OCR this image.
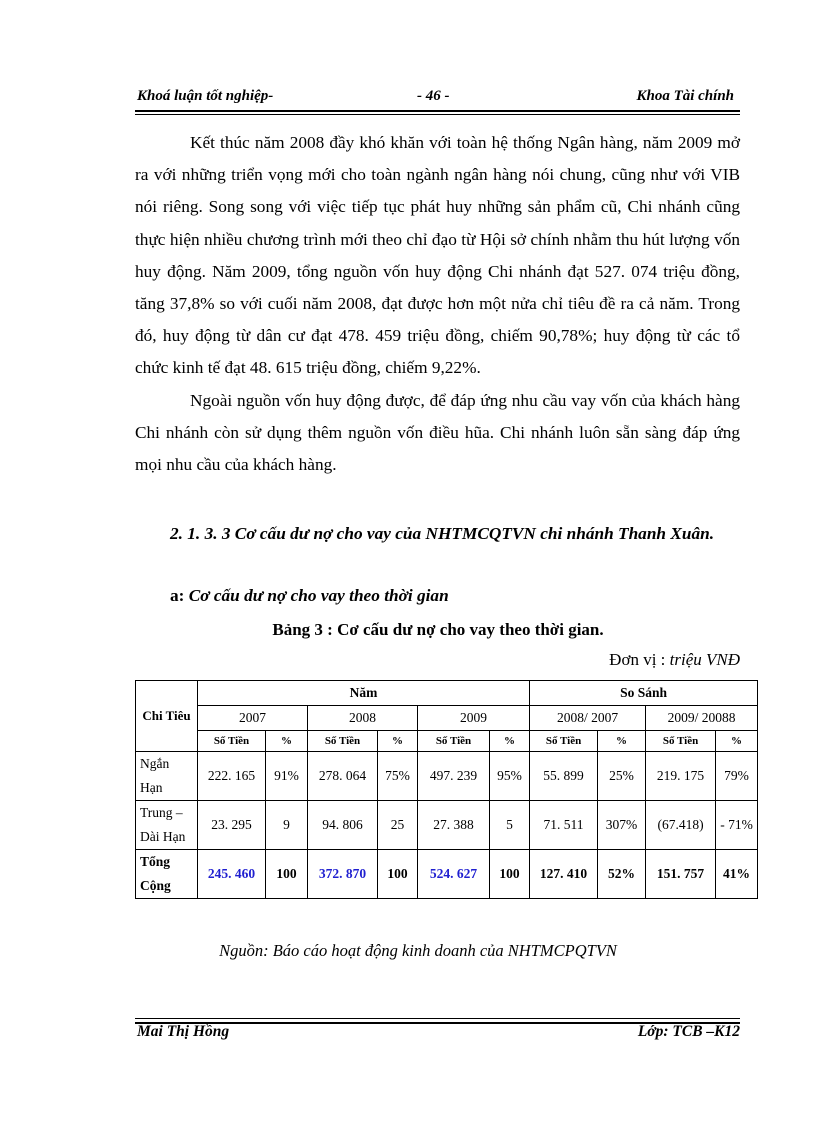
Khoá luận tốt nghiệp-	- 46 -	Khoa Tài chính

Kết thúc năm 2008 đầy khó khăn với toàn hệ thống Ngân hàng, năm 2009 mở ra với những triển vọng mới cho toàn ngành ngân hàng nói chung, cũng như với VIB nói riêng. Song song với việc tiếp tục phát huy những sản phẩm cũ, Chi nhánh cũng thực hiện nhiều chương trình mới theo chỉ đạo từ Hội sở chính nhằm thu hút lượng vốn huy động. Năm 2009, tổng nguồn vốn huy động Chi nhánh đạt 527. 074 triệu đồng, tăng 37,8% so với cuối năm 2008, đạt được hơn một nửa chỉ tiêu đề ra cả năm. Trong đó, huy động từ dân cư đạt 478. 459 triệu đồng, chiếm 90,78%; huy động từ các tổ chức kinh tế đạt 48. 615 triệu đồng, chiếm 9,22%.

Ngoài nguồn vốn huy động được, để đáp ứng nhu cầu vay vốn của khách hàng Chi nhánh còn sử dụng thêm nguồn vốn điều hũa. Chi nhánh luôn sẵn sàng đáp ứng mọi nhu cầu của khách hàng.

2. 1. 3. 3 Cơ cấu dư nợ cho vay của NHTMCQTVN chi nhánh Thanh Xuân.
a: Cơ cấu dư nợ cho vay theo thời gian
Bảng 3 : Cơ cấu dư nợ cho vay theo thời gian.
Đơn vị : triệu VNĐ
Chi Tiêu	Năm						So Sánh			
	2007		2008		2009		2008/ 2007		2009/ 20088	
	Số Tiền	%	Số Tiền	%	Số Tiền	%	Số Tiền	%	Số Tiền	%
Ngắn Hạn	222. 165	91%	278. 064	75%	497. 239	95%	55. 899	25%	219. 175	79%
Trung – Dài Hạn	23. 295	9	94. 806	25	27. 388	5	71. 511	307%	(67.418)	- 71%
Tổng Cộng	245. 460	100	372. 870	100	524. 627	100	127. 410	52%	151. 757	41%
Nguồn: Báo cáo hoạt động kinh doanh của NHTMCPQTVN
Mai Thị Hồng	Lớp: TCB –K12
